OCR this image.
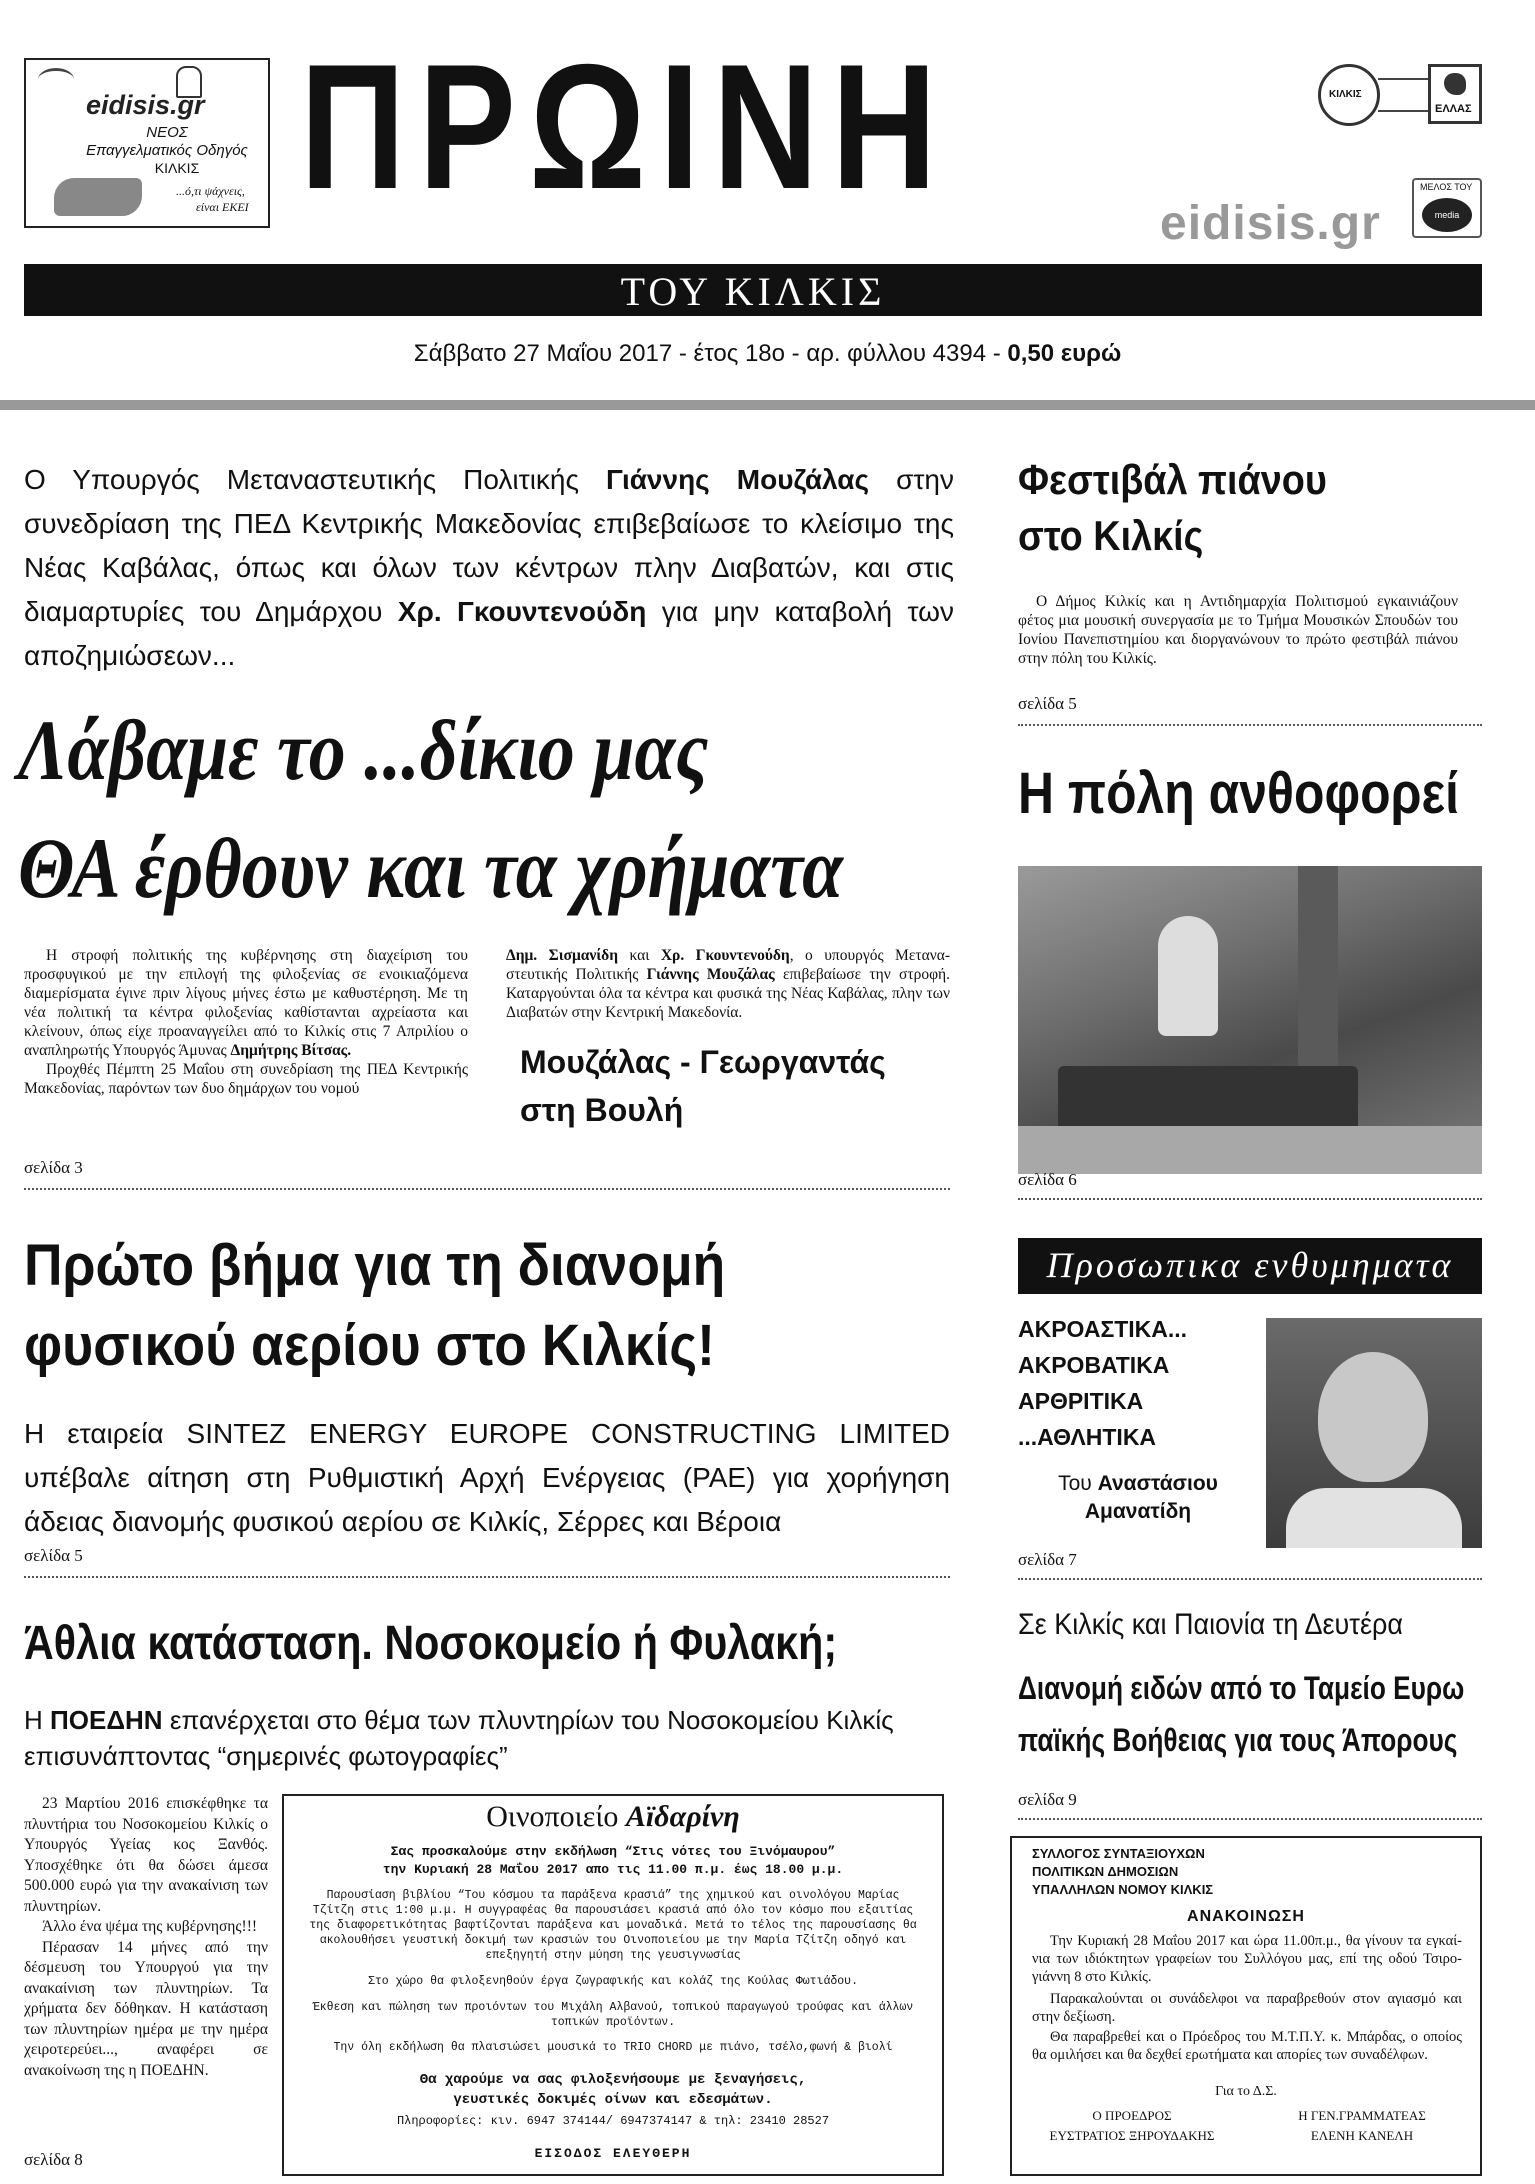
eidisis.gr
ΝΕΟΣ
Επαγγελματικός Οδηγός
ΚΙΛΚΙΣ
...ό,τι ψάχνεις,
είναι ΕΚΕΙ ΠΡΩΙΝΗ	ΚΙΛΚΙΣ
ΕΛΛΑΣ
ΜΕΛΟΣ ΤΟΥ
media
eidisis.gr
ΤΟΥ ΚΙΛΚΙΣ
Σάββατο 27 Μαΐου 2017 - έτος 18ο - αρ. φύλλου 4394 - 0,50 ευρώ
Ο Υπουργός Μεταναστευτικής Πολιτικής Γιάννης Μουζάλας στην συνεδρίαση της ΠΕΔ Κεντρικής Μακεδονίας επιβεβαίωσε το κλείσιμο της Νέας Καβάλας, όπως και όλων των κέντρων πλην Διαβατών, και στις διαμαρτυρίες του Δημάρχου Χρ. Γκουντενούδη για μην καταβολή των αποζημιώσεων...
Λάβαμε το ...δίκιο μας
ΘΑ έρθουν και τα χρήματα
Η στροφή πολιτικής της κυβέρνησης στη διαχείριση του προσφυγικού με την επιλογή της φιλοξενίας σε ενοικιαζόμενα διαμερίσματα έγινε πριν λίγους μήνες έστω με καθυστέρηση. Με τη νέα πολιτική τα κέντρα φιλοξενίας καθίστανται αχρείαστα και κλείνουν, όπως είχε προαναγγείλει από το Κιλκίς στις 7 Απριλίου ο αναπληρωτής Υπουργός Άμυνας Δημήτρης Βίτσας.
Προχθές Πέμπτη 25 Μαΐου στη συνεδρίαση της ΠΕΔ Κεντρικής Μακεδονίας, παρόντων των δυο δημάρχων του νομού
Δημ. Σισμανίδη και Χρ. Γκουντενούδη, ο υπουργός Μεταναστευτικής Πολιτικής Γιάννης Μουζάλας επιβεβαίωσε την στροφή. Καταργούνται όλα τα κέντρα και φυσικά της Νέας Καβάλας, πλην των Διαβατών στην Κεντρική Μακεδονία.
Μουζάλας - Γεωργαντάς
στη Βουλή
σελίδα 3
Φεστιβάλ πιάνου
στο Κιλκίς
Ο Δήμος Κιλκίς και η Αντιδημαρχία Πολιτισμού εγκαινιάζουν φέτος μια μουσική συνεργασία με το Τμήμα Μουσικών Σπουδών του Ιονίου Πανεπιστημίου και διοργανώνουν το πρώτο φεστιβάλ πιάνου στην πόλη του Κιλκίς.
σελίδα 5
Η πόλη ανθοφορεί
σελίδα 6
Πρώτο βήμα για τη διανομή
φυσικού αερίου στο Κιλκίς!
Η εταιρεία SINTEZ ENERGY EUROPE CONSTRUCTING LIMITED υπέβαλε αίτηση στη Ρυθμιστική Αρχή Ενέργειας (ΡΑΕ) για χορήγηση άδειας διανομής φυσικού αερίου σε Κιλκίς, Σέρρες και Βέροια
σελίδα 5
Προσωπικα ενθυμηματα
ΑΚΡΟΑΣΤΙΚΑ...
ΑΚΡΟΒΑΤΙΚΑ
ΑΡΘΡΙΤΙΚΑ
...ΑΘΛΗΤΙΚΑ
Του Αναστάσιου
Αμανατίδη
σελίδα 7
Άθλια κατάσταση. Νοσοκομείο ή Φυλακή;
Η ΠΟΕΔΗΝ επανέρχεται στο θέμα των πλυντηρίων του Νοσοκομείου Κιλκίς επισυνάπτοντας “σημερινές φωτογραφίες”
23 Μαρτίου 2016 επισκέφθηκε τα πλυντήρια του Νοσοκομείου Κιλκίς ο Υπουργός Υγείας κος Ξανθός. Υποσχέθηκε ότι θα δώσει άμεσα 500.000 ευρώ για την ανακαίνιση των πλυντηρίων.
Άλλο ένα ψέμα της κυβέρνησης!!!
Πέρασαν 14 μήνες από την δέσμευση του Υπουργού για την ανακαίνιση των πλυντηρίων. Τα χρήματα δεν δόθηκαν. Η κατάσταση των πλυντηρίων ημέρα με την ημέρα χειροτερεύει..., αναφέρει σε ανακοίνωση της η ΠΟΕΔΗΝ.
σελίδα 8
Οινοποιείο Αϊδαρίνη
Σας προσκαλούμε στην εκδήλωση “Στις νότες του Ξινόμαυρου”
την Κυριακή 28 Μαΐου 2017 απο τις 11.00 π.μ. έως 18.00 μ.μ.
Παρουσίαση βιβλίου “Του κόσμου τα παράξενα κρασιά” της χημικού και οινολόγου Μαρίας Τζίτζη στις 1:00 μ.μ. Η συγγραφέας θα παρουσιάσει κρασιά από όλο τον κόσμο που εξαιτίας της διαφορετικότητας βαφτίζονται παράξενα και μοναδικά. Μετά το τέλος της παρουσίασης θα ακολουθήσει γευστική δοκιμή των κρασιών του Οινοποιείου με την Μαρία Τζίτζη οδηγό και επεξηγητή στην μύηση της γευσιγνωσίας
Στο χώρο θα φιλοξενηθούν έργα ζωγραφικής και κολάζ της Κούλας Φωτιάδου.
Έκθεση και πώληση των προιόντων του Μιχάλη Αλβανού, τοπικού παραγωγού τρούφας και άλλων τοπικών προϊόντων.
Την όλη εκδήλωση θα πλαισιώσει μουσικά το TRIO CHORD με πιάνο, τσέλο,φωνή & βιολί
Θα χαρούμε να σας φιλοξενήσουμε με ξεναγήσεις,
γευστικές δοκιμές οίνων και εδεσμάτων.
Πληροφορίες: κιν. 6947 374144/ 6947374147 & τηλ: 23410 28527
ΕΙΣΟΔΟΣ ΕΛΕΥΘΕΡΗ
Σε Κιλκίς και Παιονία τη Δευτέρα
Διανομή ειδών από το Ταμείο Ευρω
παϊκής Βοήθειας για τους Άπορους
σελίδα 9
ΣΥΛΛΟΓΟΣ ΣΥΝΤΑΞΙΟΥΧΩΝ
ΠΟΛΙΤΙΚΩΝ ΔΗΜΟΣΙΩΝ
ΥΠΑΛΛΗΛΩΝ ΝΟΜΟΥ ΚΙΛΚΙΣ
ΑΝΑΚΟΙΝΩΣΗ
Την Κυριακή 28 Μαΐου 2017 και ώρα 11.00π.μ., θα γίνουν τα εγκαίνια των ιδιόκτητων γραφείων του Συλλόγου μας, επί της οδού Τσιρογιάννη 8 στο Κιλκίς.
Παρακαλούνται οι συνάδελφοι να παραβρεθούν στον αγιασμό και στην δεξίωση.
Θα παραβρεθεί και ο Πρόεδρος του Μ.Τ.Π.Υ. κ. Μπάρδας, ο οποίος θα ομιλήσει και θα δεχθεί ερωτήματα και απορίες των συναδέλφων.
Για το Δ.Σ.
Ο ΠΡΟΕΔΡΟΣ
ΕΥΣΤΡΑΤΙΟΣ ΞΗΡΟΥΔΑΚΗΣ
Η ΓΕΝ.ΓΡΑΜΜΑΤΕΑΣ
ΕΛΕΝΗ ΚΑΝΕΛΗ
